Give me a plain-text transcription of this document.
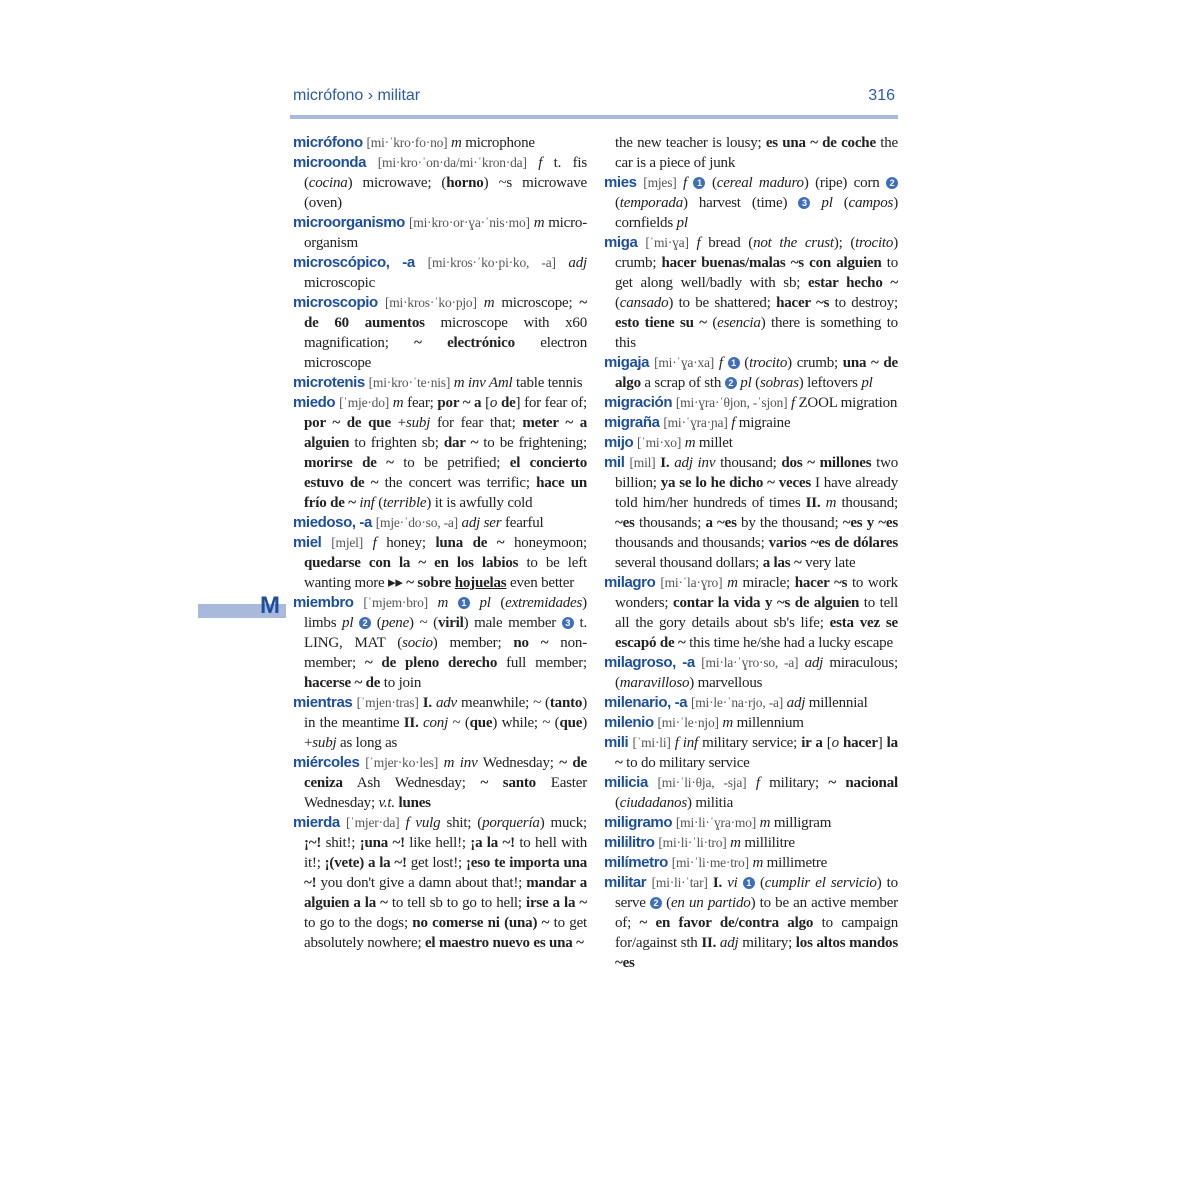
micrófono › militar	316
M

micrófono [mi·ˈkro·fo·no] m microphone

microonda [mi·kro·ˈon·da/mi·ˈkron·da] f t. fis (cocina) microwave; (horno) ~s microwave (oven)

microorganismo [mi·kro·or·ɣa·ˈnis·mo] m micro-organism

microscópico, -a [mi·kros·ˈko·pi·ko, -a] adj microscopic

microscopio [mi·kros·ˈko·pjo] m microscope; ~ de 60 aumentos microscope with x60 magnification; ~ electrónico electron microscope

microtenis [mi·kro·ˈte·nis] m inv Aml table tennis

miedo [ˈmje·do] m fear; por ~ a [o de] for fear of; por ~ de que +subj for fear that; meter ~ a alguien to frighten sb; dar ~ to be frightening; morirse de ~ to be petrified; el concierto estuvo de ~ the concert was terrific; hace un frío de ~ inf (terrible) it is awfully cold

miedoso, -a [mje·ˈdo·so, -a] adj ser fearful

miel [mjel] f honey; luna de ~ honeymoon; quedarse con la ~ en los labios to be left wanting more ▸▸ ~ sobre hojuelas even better

miembro [ˈmjem·bro] m 1 pl (extremidades) limbs pl 2 (pene) ~ (viril) male member 3 t. LING, MAT (socio) member; no ~ non-member; ~ de pleno derecho full member; hacerse ~ de to join

mientras [ˈmjen·tras] I. adv meanwhile; ~ (tanto) in the meantime II. conj ~ (que) while; ~ (que) +subj as long as

miércoles [ˈmjer·ko·les] m inv Wednesday; ~ de ceniza Ash Wednesday; ~ santo Easter Wednesday; v.t. lunes

mierda [ˈmjer·da] f vulg shit; (porquería) muck; ¡~! shit!; ¡una ~! like hell!; ¡a la ~! to hell with it!; ¡(vete) a la ~! get lost!; ¡eso te importa una ~! you don't give a damn about that!; mandar a alguien a la ~ to tell sb to go to hell; irse a la ~ to go to the dogs; no comerse ni (una) ~ to get absolutely nowhere; el maestro nuevo es una ~

the new teacher is lousy; es una ~ de coche the car is a piece of junk

mies [mjes] f 1 (cereal maduro) (ripe) corn 2 (temporada) harvest (time) 3 pl (campos) cornfields pl

miga [ˈmi·ɣa] f bread (not the crust); (trocito) crumb; hacer buenas/malas ~s con alguien to get along well/badly with sb; estar hecho ~ (cansado) to be shattered; hacer ~s to destroy; esto tiene su ~ (esencia) there is something to this

migaja [mi·ˈɣa·xa] f 1 (trocito) crumb; una ~ de algo a scrap of sth 2 pl (sobras) leftovers pl

migración [mi·ɣra·ˈθjon, -ˈsjon] f ZOOL migration

migraña [mi·ˈɣra·ɲa] f migraine

mijo [ˈmi·xo] m millet

mil [mil] I. adj inv thousand; dos ~ millones two billion; ya se lo he dicho ~ veces I have already told him/her hundreds of times II. m thousand; ~es thousands; a ~es by the thousand; ~es y ~es thousands and thousands; varios ~es de dólares several thousand dollars; a las ~ very late

milagro [mi·ˈla·ɣro] m miracle; hacer ~s to work wonders; contar la vida y ~s de alguien to tell all the gory details about sb's life; esta vez se escapó de ~ this time he/she had a lucky escape

milagroso, -a [mi·la·ˈɣro·so, -a] adj miraculous; (maravilloso) marvellous

milenario, -a [mi·le·ˈna·rjo, -a] adj millennial

milenio [mi·ˈle·njo] m millennium

mili [ˈmi·li] f inf military service; ir a [o hacer] la ~ to do military service

milicia [mi·ˈli·θja, -sja] f military; ~ nacional (ciudadanos) militia

miligramo [mi·li·ˈɣra·mo] m milligram

mililitro [mi·li·ˈli·tro] m millilitre

milímetro [mi·ˈli·me·tro] m millimetre

militar [mi·li·ˈtar] I. vi 1 (cumplir el servicio) to serve 2 (en un partido) to be an active member of; ~ en favor de/contra algo to campaign for/against sth II. adj military; los altos mandos ~es
